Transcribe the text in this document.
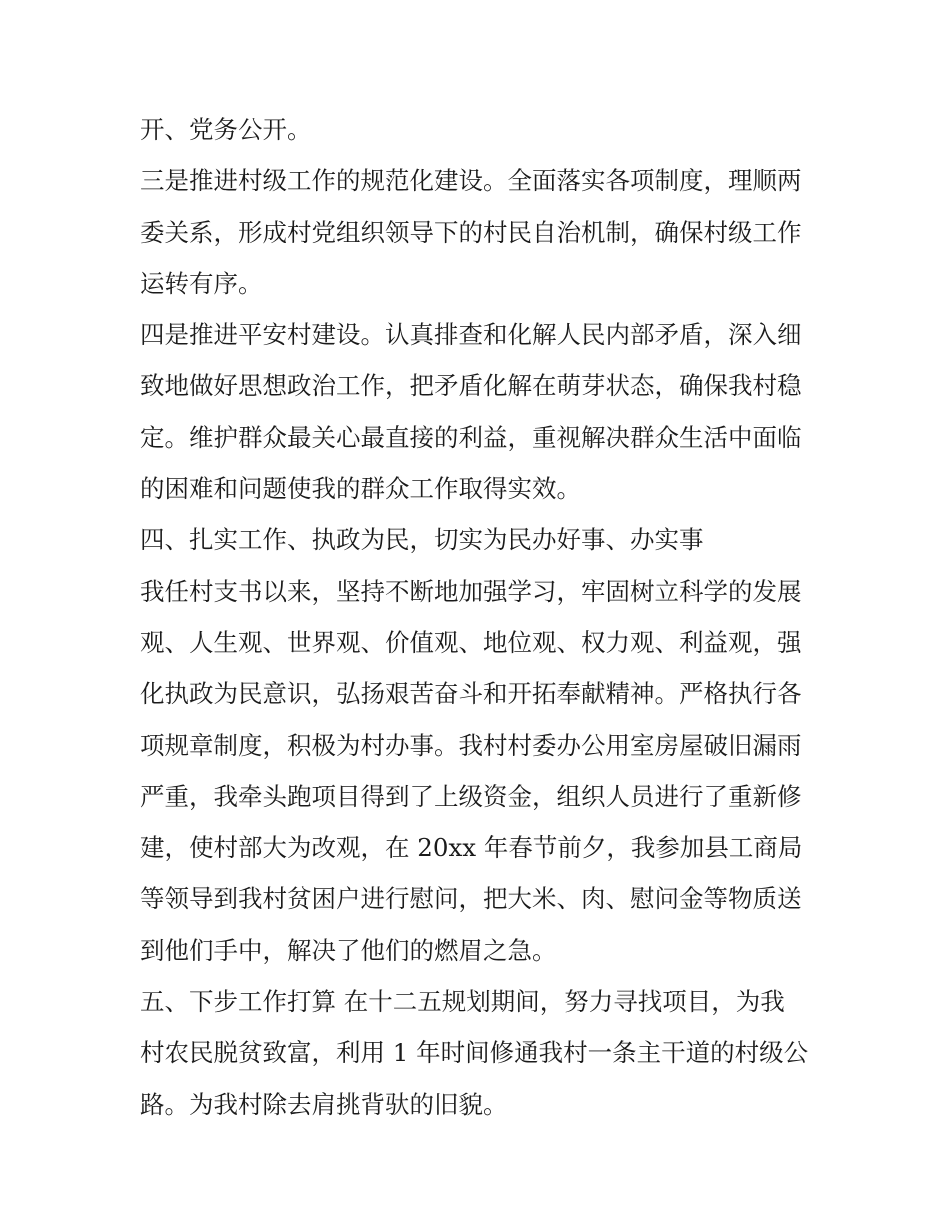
开、党务公开。
三是推进村级工作的规范化建设。全面落实各项制度，理顺两
委关系，形成村党组织领导下的村民自治机制，确保村级工作
运转有序。
四是推进平安村建设。认真排查和化解人民内部矛盾，深入细
致地做好思想政治工作，把矛盾化解在萌芽状态，确保我村稳
定。维护群众最关心最直接的利益，重视解决群众生活中面临
的困难和问题使我的群众工作取得实效。
四、扎实工作、执政为民，切实为民办好事、办实事
我任村支书以来，坚持不断地加强学习，牢固树立科学的发展
观、人生观、世界观、价值观、地位观、权力观、利益观，强
化执政为民意识，弘扬艰苦奋斗和开拓奉献精神。严格执行各
项规章制度，积极为村办事。我村村委办公用室房屋破旧漏雨
严重，我牵头跑项目得到了上级资金，组织人员进行了重新修
建，使村部大为改观，在 20xx 年春节前夕，我参加县工商局
等领导到我村贫困户进行慰问，把大米、肉、慰问金等物质送
到他们手中，解决了他们的燃眉之急。
五、下步工作打算 在十二五规划期间，努力寻找项目，为我
村农民脱贫致富，利用 1 年时间修通我村一条主干道的村级公
路。为我村除去肩挑背驮的旧貌。
